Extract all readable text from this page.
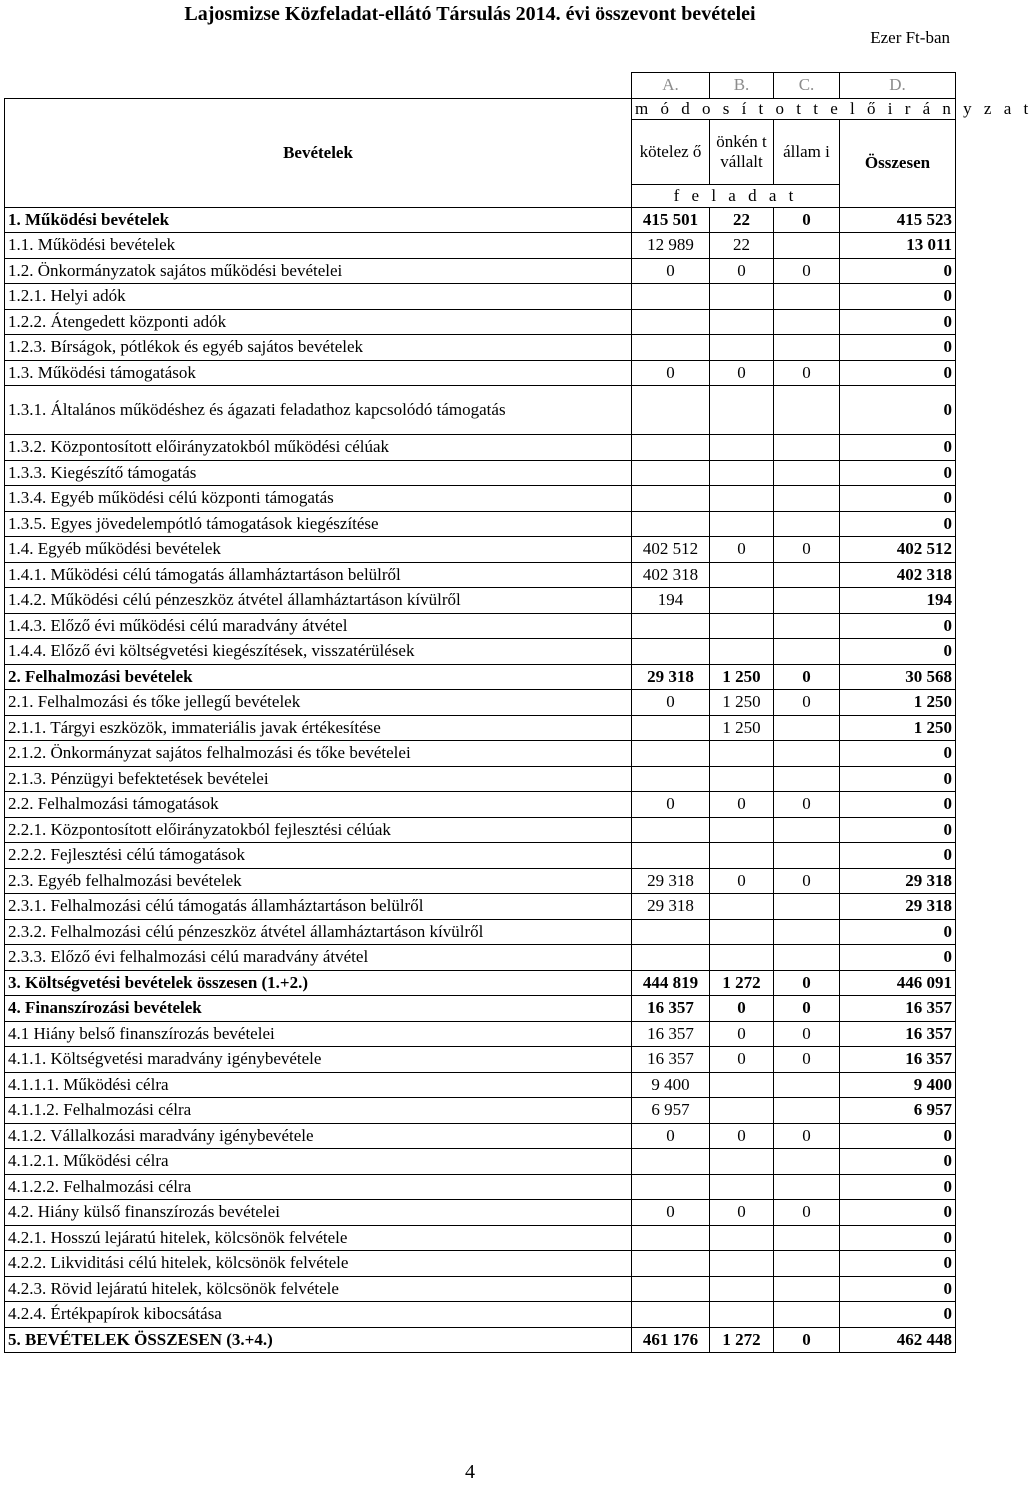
Lajosmizse Közfeladat-ellátó Társulás 2014. évi összevont bevételei
Ezer Ft-ban
	A.	B.	C.	D.
Bevételek	m ó d o s í t o t t e l ő i r á n y z a t			
	kötelez ő	önkén t vállalt	állam i	Összesen
	f e l a d a t			
1. Működési bevételek	415 501	22	0	415 523
1.1. Működési bevételek	12 989	22		13 011
1.2. Önkormányzatok sajátos működési bevételei	0	0	0	0
1.2.1. Helyi adók				0
1.2.2. Átengedett központi adók				0
1.2.3. Bírságok, pótlékok és egyéb sajátos bevételek				0
1.3. Működési támogatások	0	0	0	0
1.3.1. Általános működéshez és ágazati feladathoz kapcsolódó támogatás				0
1.3.2. Központosított előirányzatokból működési célúak				0
1.3.3. Kiegészítő támogatás				0
1.3.4. Egyéb működési célú központi támogatás				0
1.3.5. Egyes jövedelempótló támogatások kiegészítése				0
1.4. Egyéb működési bevételek	402 512	0	0	402 512
1.4.1. Működési célú támogatás államháztartáson belülről	402 318			402 318
1.4.2. Működési célú pénzeszköz átvétel államháztartáson kívülről	194			194
1.4.3. Előző évi működési célú maradvány átvétel				0
1.4.4. Előző évi költségvetési kiegészítések, visszatérülések				0
2. Felhalmozási bevételek	29 318	1 250	0	30 568
2.1. Felhalmozási és tőke jellegű bevételek	0	1 250	0	1 250
2.1.1. Tárgyi eszközök, immateriális javak értékesítése		1 250		1 250
2.1.2. Önkormányzat sajátos felhalmozási és tőke bevételei				0
2.1.3. Pénzügyi befektetések bevételei				0
2.2. Felhalmozási támogatások	0	0	0	0
2.2.1. Központosított előirányzatokból fejlesztési célúak				0
2.2.2. Fejlesztési célú támogatások				0
2.3. Egyéb felhalmozási bevételek	29 318	0	0	29 318
2.3.1. Felhalmozási célú támogatás államháztartáson belülről	29 318			29 318
2.3.2. Felhalmozási célú pénzeszköz átvétel államháztartáson kívülről				0
2.3.3. Előző évi felhalmozási célú maradvány átvétel				0
3. Költségvetési bevételek összesen (1.+2.)	444 819	1 272	0	446 091
4. Finanszírozási bevételek	16 357	0	0	16 357
4.1 Hiány belső finanszírozás bevételei	16 357	0	0	16 357
4.1.1. Költségvetési maradvány igénybevétele	16 357	0	0	16 357
4.1.1.1. Működési célra	9 400			9 400
4.1.1.2. Felhalmozási célra	6 957			6 957
4.1.2. Vállalkozási maradvány igénybevétele	0	0	0	0
4.1.2.1. Működési célra				0
4.1.2.2. Felhalmozási célra				0
4.2. Hiány külső finanszírozás bevételei	0	0	0	0
4.2.1. Hosszú lejáratú hitelek, kölcsönök felvétele				0
4.2.2. Likviditási célú hitelek, kölcsönök felvétele				0
4.2.3. Rövid lejáratú hitelek, kölcsönök felvétele				0
4.2.4. Értékpapírok kibocsátása				0
5. BEVÉTELEK ÖSSZESEN (3.+4.)	461 176	1 272	0	462 448
4
